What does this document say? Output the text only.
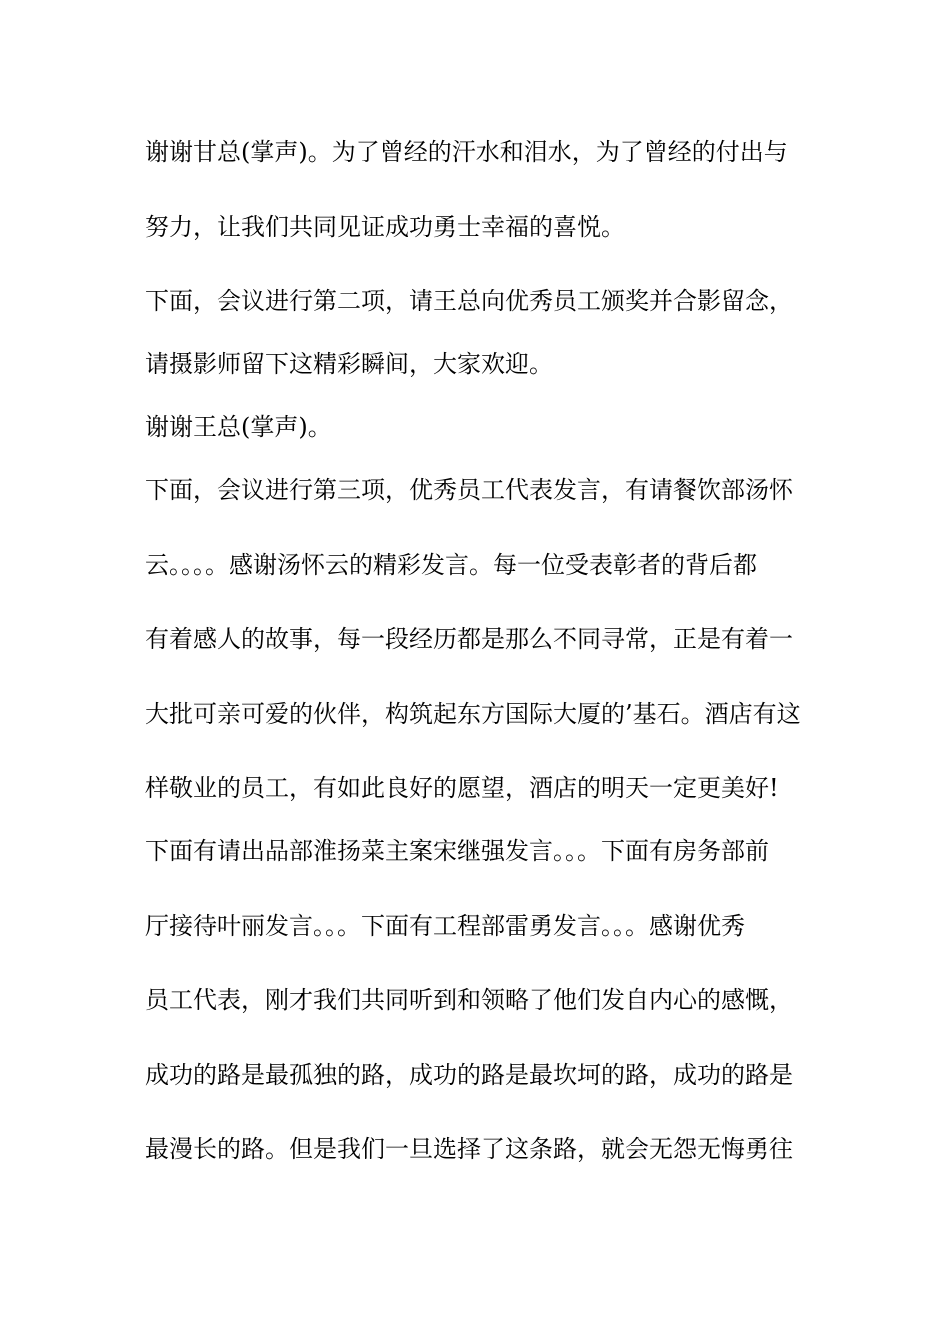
谢谢甘总(掌声)。为了曾经的汗水和泪水，为了曾经的付出与
努力，让我们共同见证成功勇士幸福的喜悦。
下面，会议进行第二项，请王总向优秀员工颁奖并合影留念，
请摄影师留下这精彩瞬间，大家欢迎。
谢谢王总(掌声)。
下面，会议进行第三项，优秀员工代表发言，有请餐饮部汤怀
云。。。。感谢汤怀云的精彩发言。每一位受表彰者的背后都
有着感人的故事，每一段经历都是那么不同寻常，正是有着一
大批可亲可爱的伙伴，构筑起东方国际大厦的’基石。酒店有这
样敬业的员工，有如此良好的愿望，酒店的明天一定更美好!
下面有请出品部淮扬菜主案宋继强发言。。。下面有房务部前
厅接待叶丽发言。。。下面有工程部雷勇发言。。。感谢优秀
员工代表，刚才我们共同听到和领略了他们发自内心的感慨，
成功的路是最孤独的路，成功的路是最坎坷的路，成功的路是
最漫长的路。但是我们一旦选择了这条路，就会无怨无悔勇往
